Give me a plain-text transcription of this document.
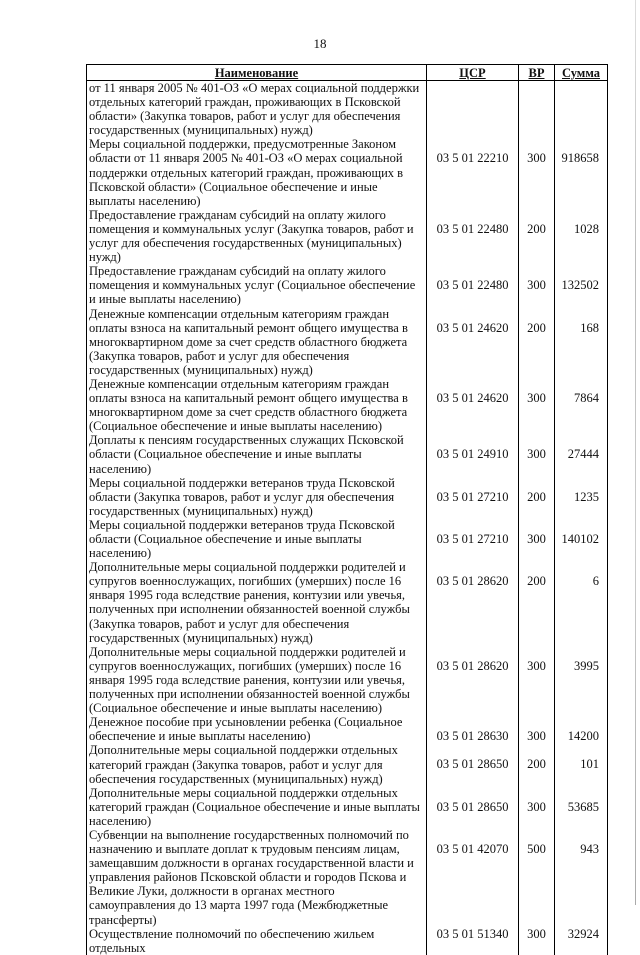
18
Наименование	ЦСР	ВР	Сумма
от 11 января 2005 № 401-ОЗ «О мерах социальной поддержки отдельных категорий граждан, проживающих в Псковской области» (Закупка товаров, работ и услуг для обеспечения государственных (муниципальных) нужд)			
Меры социальной поддержки, предусмотренные Законом области от 11 января 2005 № 401-ОЗ «О мерах социальной поддержки отдельных категорий граждан, проживающих в Псковской области» (Социальное обеспечение и иные выплаты населению)	03 5 01 22210	300	918658
Предоставление гражданам субсидий на оплату жилого помещения и коммунальных услуг (Закупка товаров, работ и услуг для обеспечения государственных (муниципальных) нужд)	03 5 01 22480	200	1028
Предоставление гражданам субсидий на оплату жилого помещения и коммунальных услуг (Социальное обеспечение и иные выплаты населению)	03 5 01 22480	300	132502
Денежные компенсации отдельным категориям граждан оплаты взноса на капитальный ремонт общего имущества в многоквартирном доме за счет средств областного бюджета (Закупка товаров, работ и услуг для обеспечения государственных (муниципальных) нужд)	03 5 01 24620	200	168
Денежные компенсации отдельным категориям граждан оплаты взноса на капитальный ремонт общего имущества в многоквартирном доме за счет средств областного бюджета (Социальное обеспечение и иные выплаты населению)	03 5 01 24620	300	7864
Доплаты к пенсиям государственных служащих Псковской области (Социальное обеспечение и иные выплаты населению)	03 5 01 24910	300	27444
Меры социальной поддержки ветеранов труда Псковской области (Закупка товаров, работ и услуг для обеспечения государственных (муниципальных) нужд)	03 5 01 27210	200	1235
Меры социальной поддержки ветеранов труда Псковской области (Социальное обеспечение и иные выплаты населению)	03 5 01 27210	300	140102
Дополнительные меры социальной поддержки родителей и супругов военнослужащих, погибших (умерших) после 16 января 1995 года вследствие ранения, контузии или увечья, полученных при исполнении обязанностей военной службы (Закупка товаров, работ и услуг для обеспечения государственных (муниципальных) нужд)	03 5 01 28620	200	6
Дополнительные меры социальной поддержки родителей и супругов военнослужащих, погибших (умерших) после 16 января 1995 года вследствие ранения, контузии или увечья, полученных при исполнении обязанностей военной службы (Социальное обеспечение и иные выплаты населению)	03 5 01 28620	300	3995
Денежное пособие при усыновлении ребенка (Социальное обеспечение и иные выплаты населению)	03 5 01 28630	300	14200
Дополнительные меры социальной поддержки отдельных категорий граждан (Закупка товаров, работ и услуг для обеспечения государственных (муниципальных) нужд)	03 5 01 28650	200	101
Дополнительные меры социальной поддержки отдельных категорий граждан (Социальное обеспечение и иные выплаты населению)	03 5 01 28650	300	53685
Субвенции на выполнение государственных полномочий по назначению и выплате доплат к трудовым пенсиям лицам, замещавшим должности в органах государственной власти и управления районов Псковской области и городов Пскова и Великие Луки, должности в органах местного самоуправления до 13 марта 1997 года (Межбюджетные трансферты)	03 5 01 42070	500	943
Осуществление полномочий по обеспечению жильем отдельных	03 5 01 51340	300	32924
